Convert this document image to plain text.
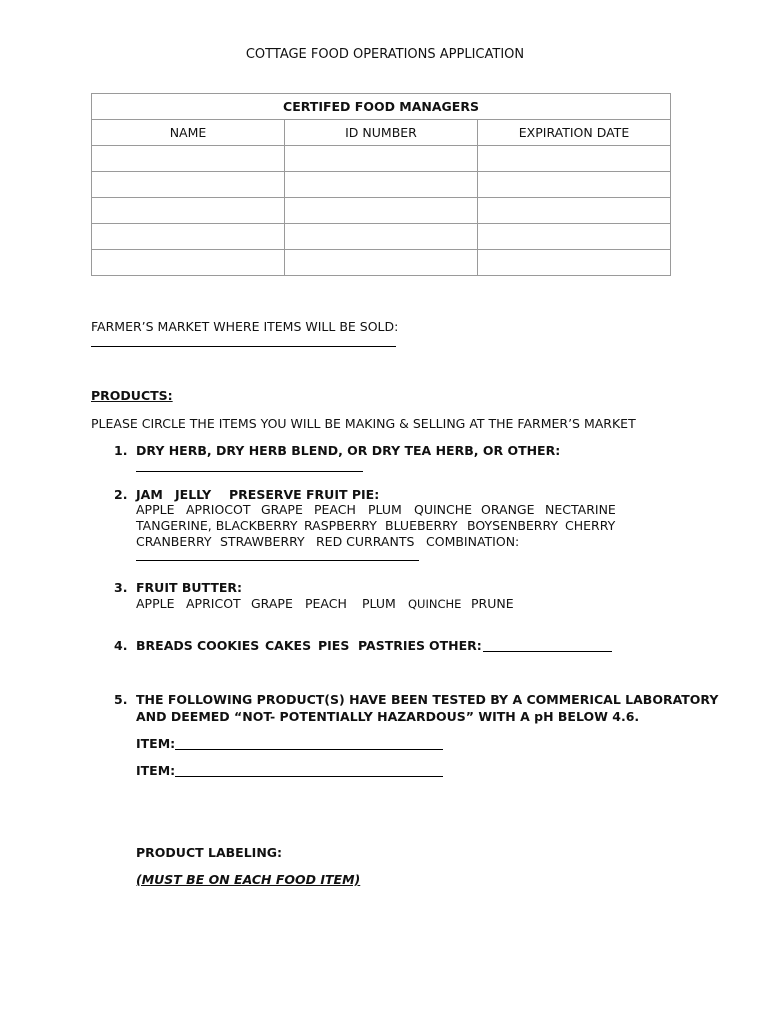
COTTAGE FOOD OPERATIONS APPLICATION
CERTIFED FOOD MANAGERS		
NAME	ID NUMBER	EXPIRATION DATE

FARMER’S MARKET WHERE ITEMS WILL BE SOLD:
PRODUCTS:
PLEASE CIRCLE THE ITEMS YOU WILL BE MAKING & SELLING AT THE FARMER’S MARKET
1. DRY HERB, DRY HERB BLEND, OR DRY TEA HERB, OR OTHER:
2. JAM JELLY PRESERVE FRUIT PIE:
APPLE APRIOCOT GRAPE PEACH PLUM QUINCHE ORANGE NECTARINE
TANGERINE, BLACKBERRY RASPBERRY BLUEBERRY BOYSENBERRY CHERRY
CRANBERRY STRAWBERRY RED CURRANTS COMBINATION:
3. FRUIT BUTTER:
APPLE APRICOT GRAPE PEACH PLUM QUINCHE PRUNE
4. BREADS COOKIES CAKES PIES PASTRIES OTHER:
5. THE FOLLOWING PRODUCT(S) HAVE BEEN TESTED BY A COMMERICAL LABORATORY
AND DEEMED “NOT- POTENTIALLY HAZARDOUS” WITH A pH BELOW 4.6.
ITEM:
ITEM:
PRODUCT LABELING:
(MUST BE ON EACH FOOD ITEM)
